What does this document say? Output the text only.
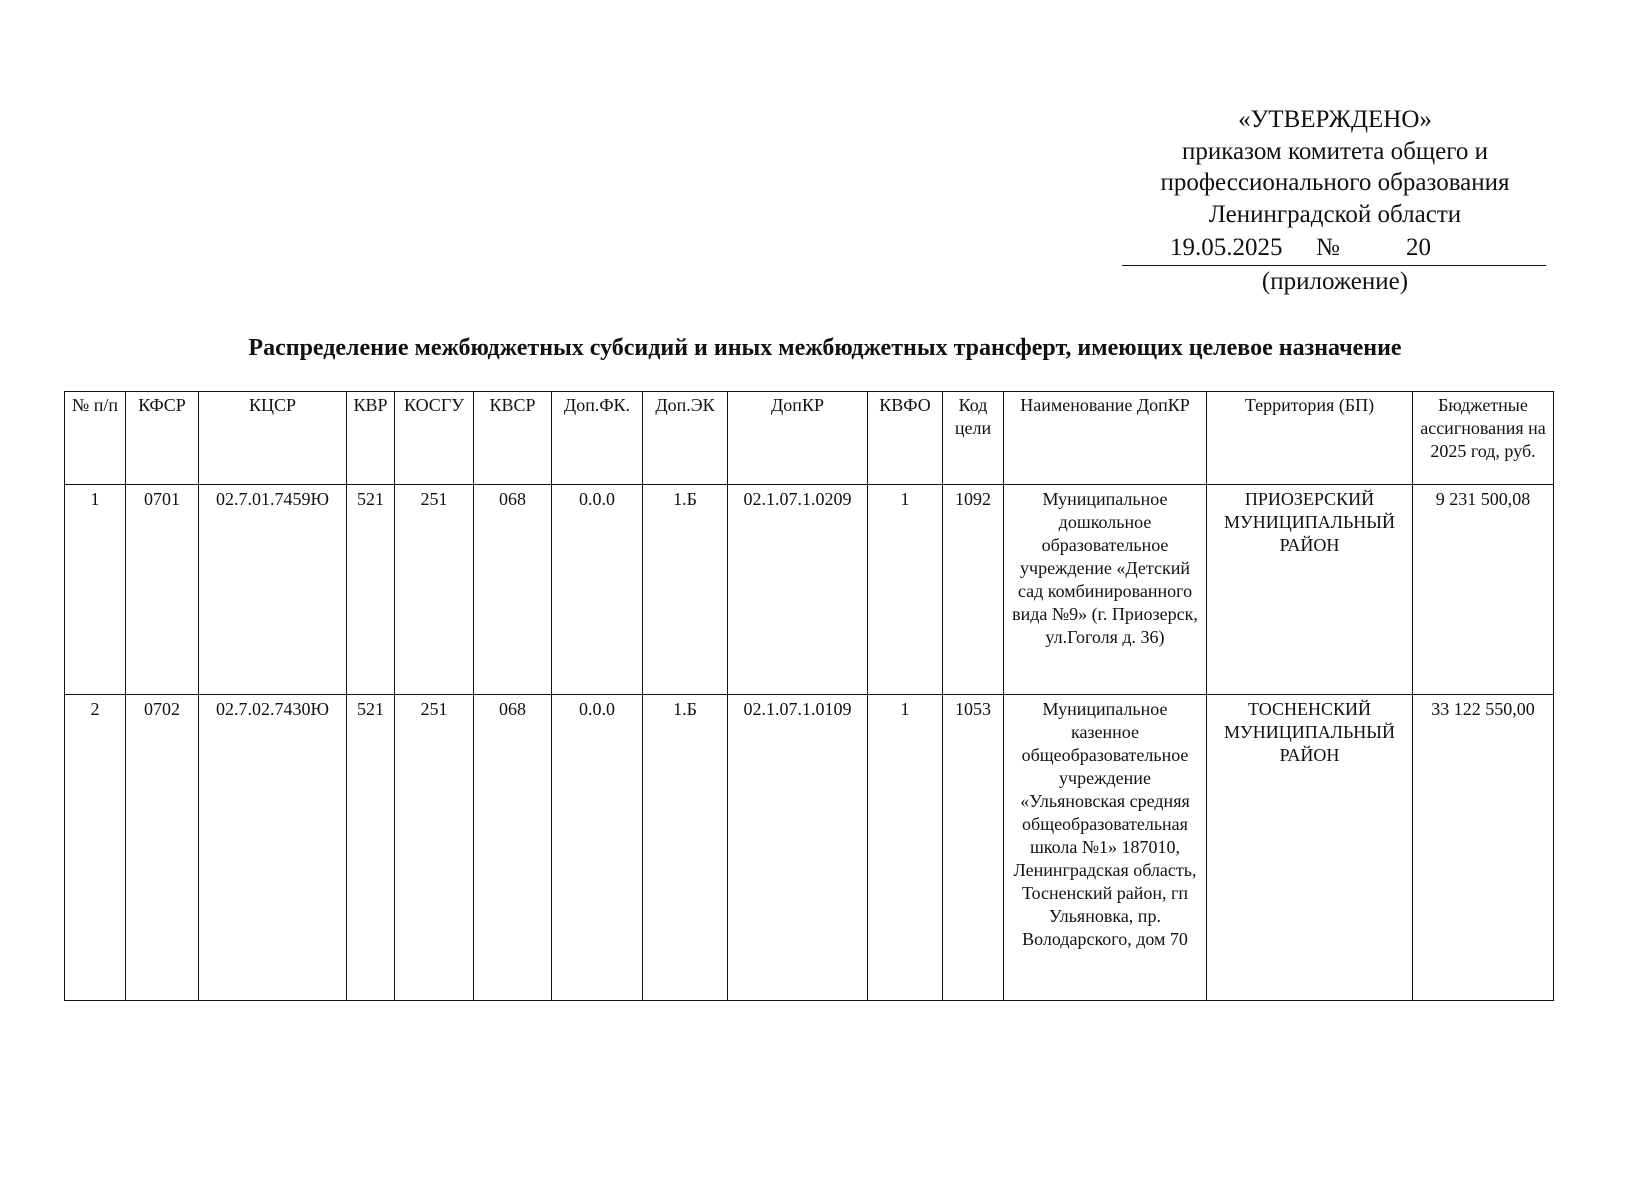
«УТВЕРЖДЕНО»
приказом комитета общего и
профессионального образования
Ленинградской области
19.05.2025 №	20
(приложение)
Распределение межбюджетных субсидий и иных межбюджетных трансферт, имеющих целевое назначение
№ п/п	КФСР	КЦСР	КВР	КОСГУ	КВСР	Доп.ФК.	Доп.ЭК	ДопКР	КВФО	Код цели	Наименование ДопКР	Территория (БП)	Бюджетные ассигнования на 2025 год, руб.
1	0701	02.7.01.7459Ю	521	251	068	0.0.0	1.Б	02.1.07.1.0209	1	1092	Муниципальное дошкольное образовательное учреждение «Детский сад комбинированного вида №9» (г. Приозерск, ул.Гоголя д. 36)	ПРИОЗЕРСКИЙ МУНИЦИПАЛЬНЫЙ РАЙОН	9 231 500,08
2	0702	02.7.02.7430Ю	521	251	068	0.0.0	1.Б	02.1.07.1.0109	1	1053	Муниципальное казенное общеобразовательное учреждение «Ульяновская средняя общеобразовательная школа №1» 187010, Ленинградская область, Тосненский район, гп Ульяновка, пр. Володарского, дом 70	ТОСНЕНСКИЙ МУНИЦИПАЛЬНЫЙ РАЙОН	33 122 550,00
